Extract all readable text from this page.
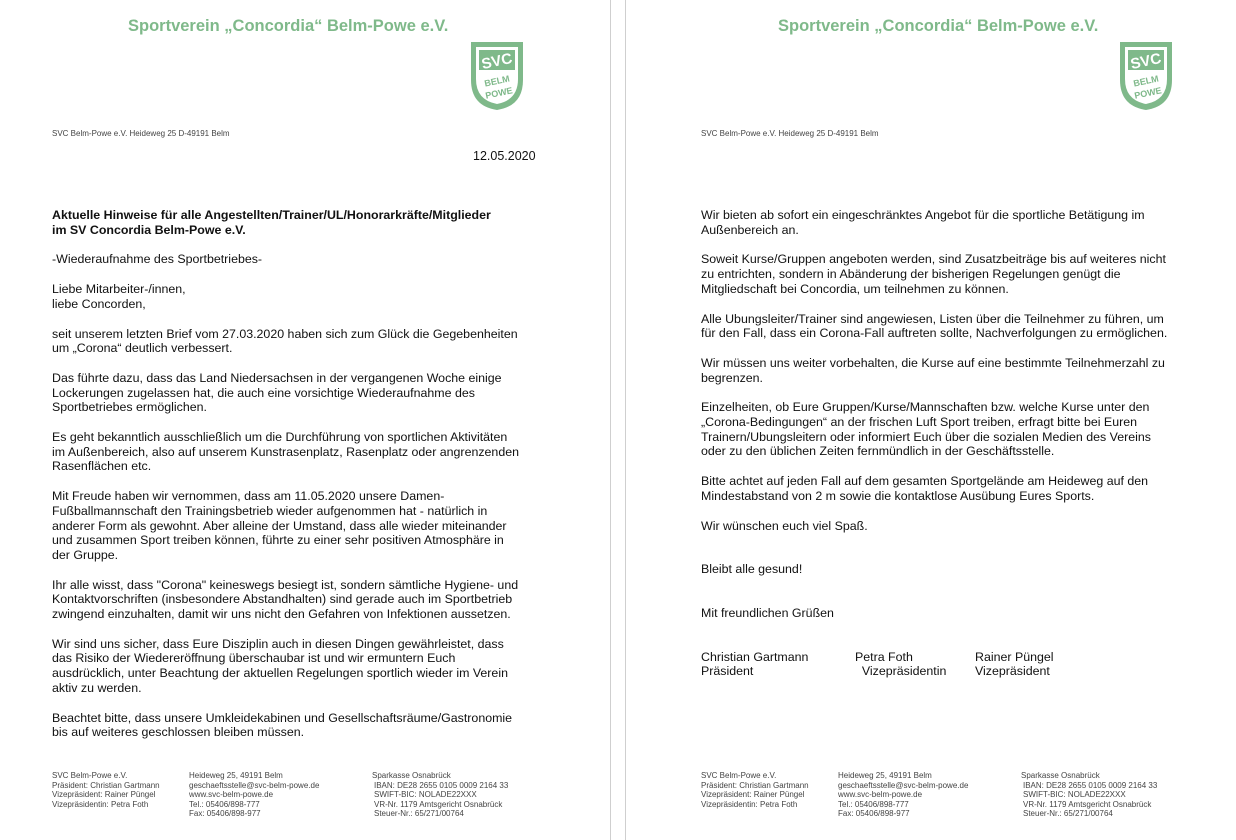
Sportverein „Concordia“ Belm-Powe e.V.
SVC
BELM
POWE
SVC Belm-Powe e.V. Heideweg 25 D-49191 Belm
12.05.2020

Aktuelle Hinweise für alle Angestellten/Trainer/UL/Honorarkräfte/Mitglieder
im SV Concordia Belm-Powe e.V.

-Wiederaufnahme des Sportbetriebes-

Liebe Mitarbeiter-/innen,
liebe Concorden,

seit unserem letzten Brief vom 27.03.2020 haben sich zum Glück die Gegebenheiten
um „Corona“ deutlich verbessert.

Das führte dazu, dass das Land Niedersachsen in der vergangenen Woche einige
Lockerungen zugelassen hat, die auch eine vorsichtige Wiederaufnahme des
Sportbetriebes ermöglichen.

Es geht bekanntlich ausschließlich um die Durchführung von sportlichen Aktivitäten
im Außenbereich, also auf unserem Kunstrasenplatz, Rasenplatz oder angrenzenden
Rasenflächen etc.

Mit Freude haben wir vernommen, dass am 11.05.2020 unsere Damen-
Fußballmannschaft den Trainingsbetrieb wieder aufgenommen hat - natürlich in
anderer Form als gewohnt. Aber alleine der Umstand, dass alle wieder miteinander
und zusammen Sport treiben können, führte zu einer sehr positiven Atmosphäre in
der Gruppe.

Ihr alle wisst, dass "Corona" keineswegs besiegt ist, sondern sämtliche Hygiene- und
Kontaktvorschriften (insbesondere Abstandhalten) sind gerade auch im Sportbetrieb
zwingend einzuhalten, damit wir uns nicht den Gefahren von Infektionen aussetzen.

Wir sind uns sicher, dass Eure Disziplin auch in diesen Dingen gewährleistet, dass
das Risiko der Wiedereröffnung überschaubar ist und wir ermuntern Euch
ausdrücklich, unter Beachtung der aktuellen Regelungen sportlich wieder im Verein
aktiv zu werden.

Beachtet bitte, dass unsere Umkleidekabinen und Gesellschaftsräume/Gastronomie
bis auf weiteres geschlossen bleiben müssen.

SVC Belm-Powe e.V.
Präsident: Christian Gartmann
Vizepräsident: Rainer Püngel
Vizepräsidentin: Petra Foth
Heideweg 25, 49191 Belm
geschaeftsstelle@svc-belm-powe.de
www.svc-belm-powe.de
Tel.: 05406/898-777
Fax: 05406/898-977
Sparkasse Osnabrück
IBAN: DE28 2655 0105 0009 2164 33
SWIFT-BIC: NOLADE22XXX
VR-Nr. 1179 Amtsgericht Osnabrück
Steuer-Nr.: 65/271/00764
Sportverein „Concordia“ Belm-Powe e.V.
SVC
BELM
POWE
SVC Belm-Powe e.V. Heideweg 25 D-49191 Belm

Wir bieten ab sofort ein eingeschränktes Angebot für die sportliche Betätigung im
Außenbereich an.

Soweit Kurse/Gruppen angeboten werden, sind Zusatzbeiträge bis auf weiteres nicht
zu entrichten, sondern in Abänderung der bisherigen Regelungen genügt die
Mitgliedschaft bei Concordia, um teilnehmen zu können.

Alle Ubungsleiter/Trainer sind angewiesen, Listen über die Teilnehmer zu führen, um
für den Fall, dass ein Corona-Fall auftreten sollte, Nachverfolgungen zu ermöglichen.

Wir müssen uns weiter vorbehalten, die Kurse auf eine bestimmte Teilnehmerzahl zu
begrenzen.

Einzelheiten, ob Eure Gruppen/Kurse/Mannschaften bzw. welche Kurse unter den
„Corona-Bedingungen“ an der frischen Luft Sport treiben, erfragt bitte bei Euren
Trainern/Ubungsleitern oder informiert Euch über die sozialen Medien des Vereins
oder zu den üblichen Zeiten fernmündlich in der Geschäftsstelle.

Bitte achtet auf jeden Fall auf dem gesamten Sportgelände am Heideweg auf den
Mindestabstand von 2 m sowie die kontaktlose Ausübung Eures Sports.

Wir wünschen euch viel Spaß.

Bleibt alle gesund!

Mit freundlichen Grüßen

Christian Gartmann
Präsident
Petra Foth
Vizepräsidentin
Rainer Püngel
Vizepräsident
SVC Belm-Powe e.V.
Präsident: Christian Gartmann
Vizepräsident: Rainer Püngel
Vizepräsidentin: Petra Foth
Heideweg 25, 49191 Belm
geschaeftsstelle@svc-belm-powe.de
www.svc-belm-powe.de
Tel.: 05406/898-777
Fax: 05406/898-977
Sparkasse Osnabrück
IBAN: DE28 2655 0105 0009 2164 33
SWIFT-BIC: NOLADE22XXX
VR-Nr. 1179 Amtsgericht Osnabrück
Steuer-Nr.: 65/271/00764
